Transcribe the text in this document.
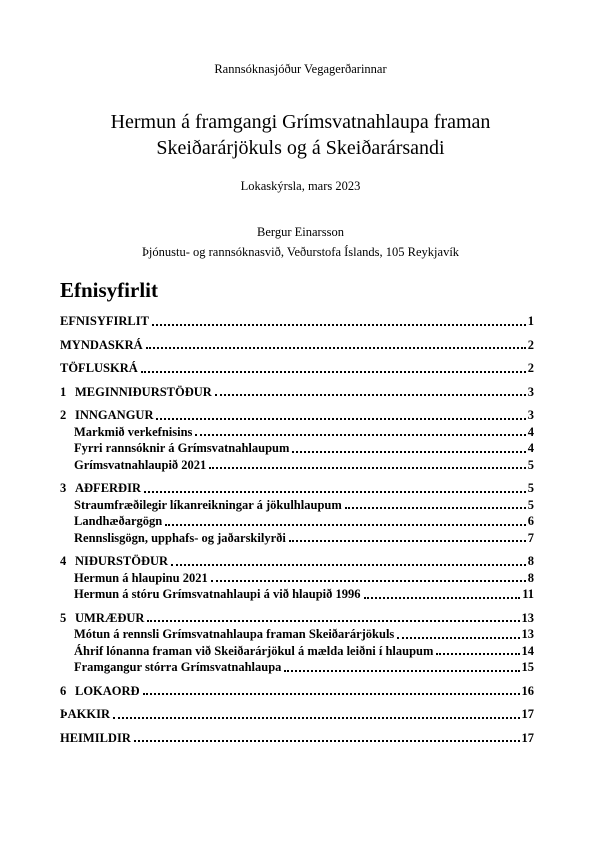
Rannsóknasjóður Vegagerðarinnar
Hermun á framgangi Grímsvatnahlaupa framan
Skeiðarárjökuls og á Skeiðarársandi
Lokaskýrsla, mars 2023
Bergur Einarsson
Þjónustu- og rannsóknasvið, Veðurstofa Íslands, 105 Reykjavík
Efnisyfirlit
EFNISYFIRLIT	1
MYNDASKRÁ	2
TÖFLUSKRÁ	2
1 MEGINNIÐURSTÖÐUR	3
2 INNGANGUR	3
Markmið verkefnisins	4
Fyrri rannsóknir á Grímsvatnahlaupum	4
Grímsvatnahlaupið 2021	5
3 AÐFERÐIR	5
Straumfræðilegir líkanreikningar á jökulhlaupum	5
Landhæðargögn	6
Rennslisgögn, upphafs- og jaðarskilyrði	7
4 NIÐURSTÖÐUR	8
Hermun á hlaupinu 2021	8
Hermun á stóru Grímsvatnahlaupi á við hlaupið 1996	11
5 UMRÆÐUR	13
Mótun á rennsli Grímsvatnahlaupa framan Skeiðarárjökuls	13
Áhrif lónanna framan við Skeiðarárjökul á mælda leiðni í hlaupum	14
Framgangur stórra Grímsvatnahlaupa	15
6 LOKAORÐ	16
ÞAKKIR	17
HEIMILDIR	17
